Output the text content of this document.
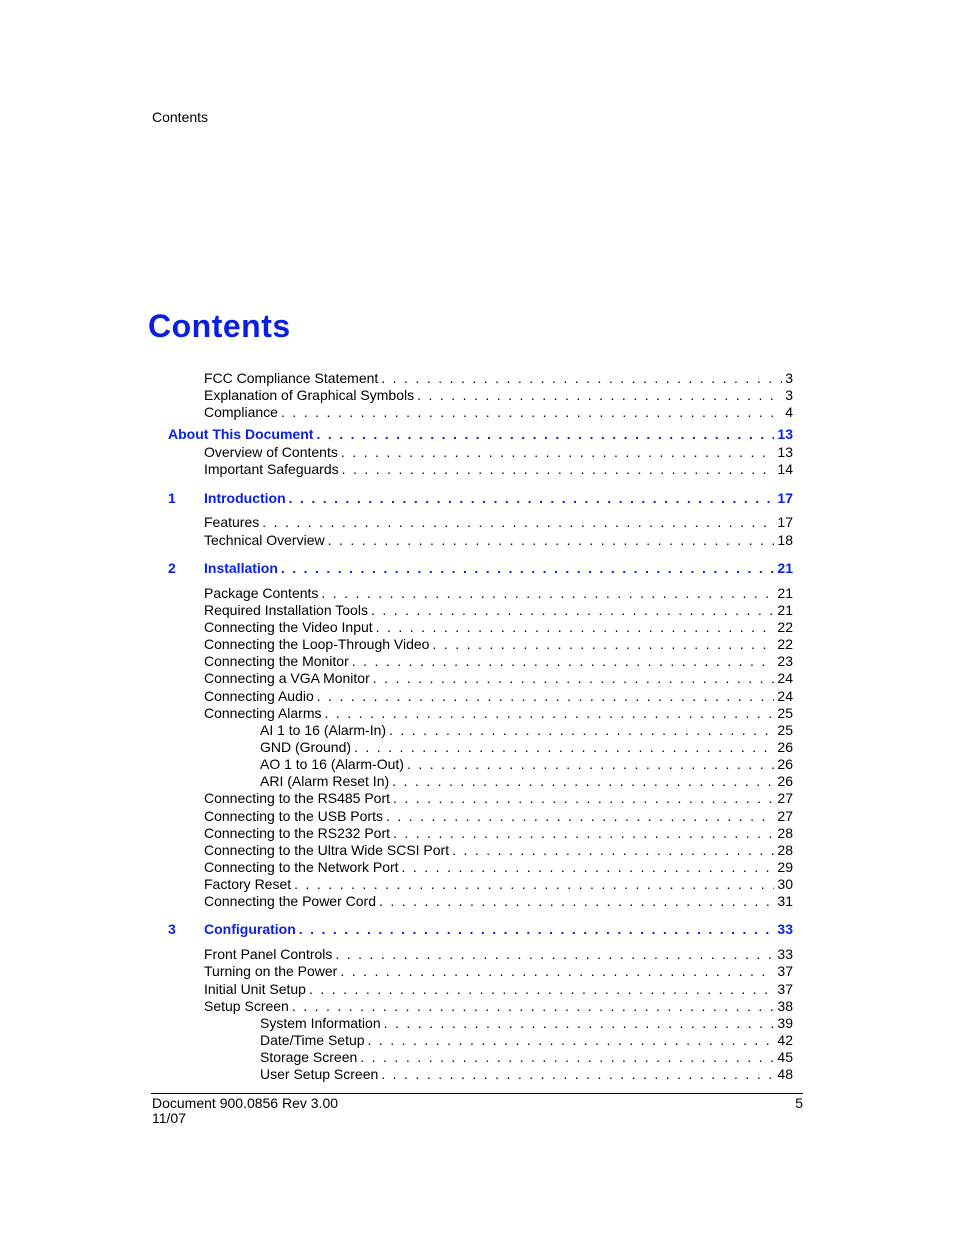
Contents
Contents
FCC Compliance Statement . . .	3
Explanation of Graphical Symbols . . .	3
Compliance . . .	4
About This Document . . .	13
Overview of Contents . . .	13
Important Safeguards . . .	14
1 Introduction . . .	17
Features . . .	17
Technical Overview . . .	18
2 Installation . . .	21
Package Contents . . .	21
Required Installation Tools . . .	21
Connecting the Video Input . . .	22
Connecting the Loop-Through Video . . .	22
Connecting the Monitor . . .	23
Connecting a VGA Monitor . . .	24
Connecting Audio . . .	24
Connecting Alarms . . .	25
AI 1 to 16 (Alarm-In) . . .	25
GND (Ground) . . .	26
AO 1 to 16 (Alarm-Out) . . .	26
ARI (Alarm Reset In) . . .	26
Connecting to the RS485 Port . . .	27
Connecting to the USB Ports . . .	27
Connecting to the RS232 Port . . .	28
Connecting to the Ultra Wide SCSI Port . . .	28
Connecting to the Network Port . . .	29
Factory Reset . . .	30
Connecting the Power Cord . . .	31
3 Configuration . . .	33
Front Panel Controls . . .	33
Turning on the Power . . .	37
Initial Unit Setup . . .	37
Setup Screen . . .	38
System Information . . .	39
Date/Time Setup . . .	42
Storage Screen . . .	45
User Setup Screen . . .	48
Document 900.0856 Rev 3.00
11/07
5
